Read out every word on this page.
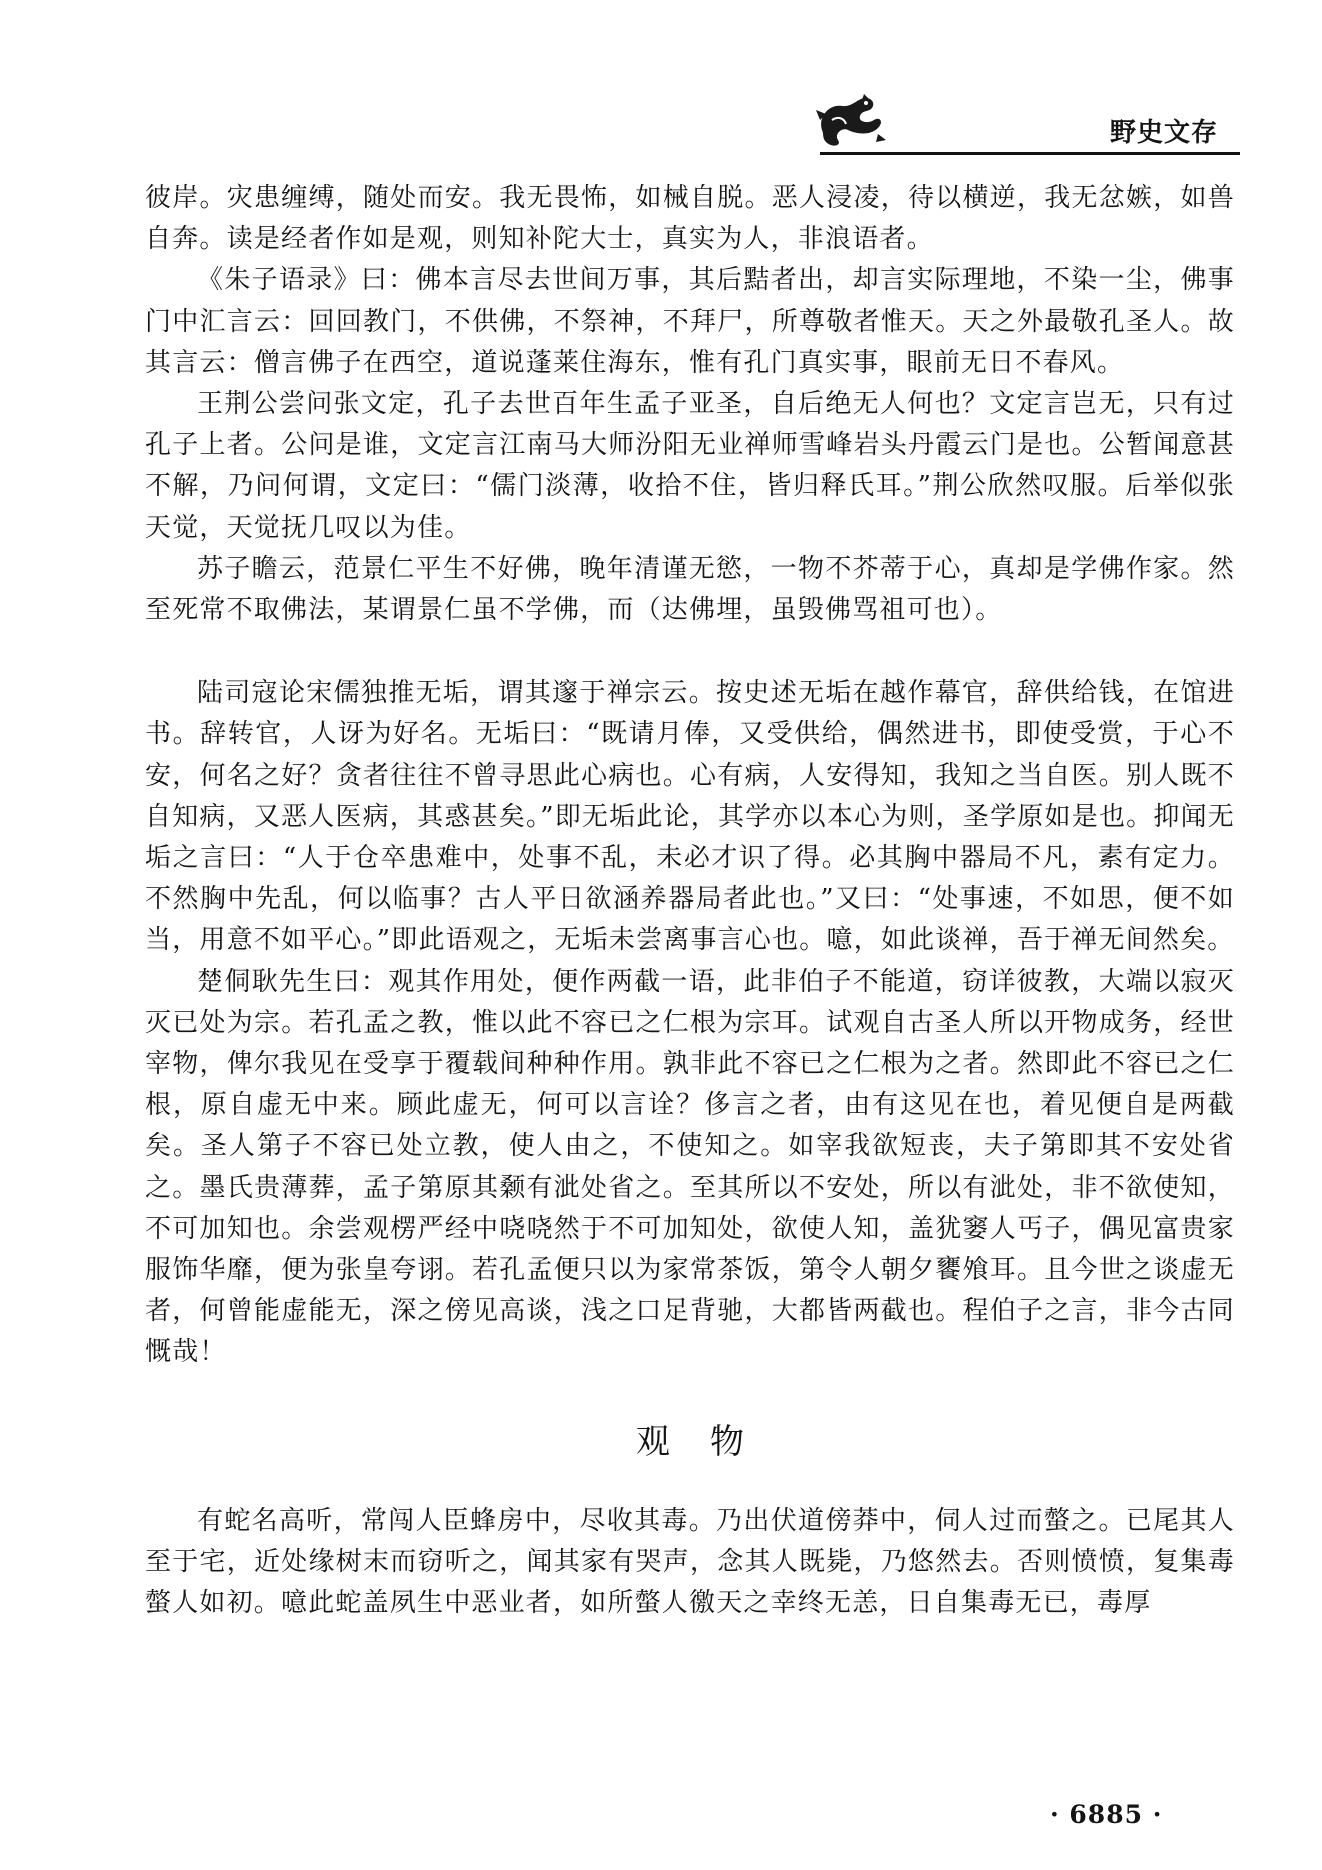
野史文存

彼岸。灾患缠缚，随处而安。我无畏怖，如械自脱。恶人浸凌，待以横逆，我无忿嫉，如兽自奔。读是经者作如是观，则知补陀大士，真实为人，非浪语者。

《朱子语录》曰：佛本言尽去世间万事，其后黠者出，却言实际理地，不染一尘，佛事门中汇言云：回回教门，不供佛，不祭神，不拜尸，所尊敬者惟天。天之外最敬孔圣人。故其言云：僧言佛子在西空，道说蓬莱住海东，惟有孔门真实事，眼前无日不春风。

王荆公尝问张文定，孔子去世百年生孟子亚圣，自后绝无人何也？文定言岂无，只有过孔子上者。公问是谁，文定言江南马大师汾阳无业禅师雪峰岩头丹霞云门是也。公暂闻意甚不解，乃问何谓，文定曰：“儒门淡薄，收拾不住，皆归释氏耳。”荆公欣然叹服。后举似张天觉，天觉抚几叹以为佳。

苏子瞻云，范景仁平生不好佛，晚年清谨无慾，一物不芥蒂于心，真却是学佛作家。然至死常不取佛法，某谓景仁虽不学佛，而（达佛埋，虽毁佛骂祖可也）。

陆司寇论宋儒独推无垢，谓其邃于禅宗云。按史述无垢在越作幕官，辞供给钱，在馆进书。辞转官，人讶为好名。无垢曰：“既请月俸，又受供给，偶然进书，即使受赏，于心不安，何名之好？贪者往往不曾寻思此心病也。心有病，人安得知，我知之当自医。别人既不自知病，又恶人医病，其惑甚矣。”即无垢此论，其学亦以本心为则，圣学原如是也。抑闻无垢之言曰：“人于仓卒患难中，处事不乱，未必才识了得。必其胸中器局不凡，素有定力。不然胸中先乱，何以临事？古人平日欲涵养器局者此也。”又曰：“处事速，不如思，便不如当，用意不如平心。”即此语观之，无垢未尝离事言心也。噫，如此谈禅，吾于禅无间然矣。

楚侗耿先生曰：观其作用处，便作两截一语，此非伯子不能道，窃详彼教，大端以寂灭灭已处为宗。若孔孟之教，惟以此不容已之仁根为宗耳。试观自古圣人所以开物成务，经世宰物，俾尔我见在受享于覆载间种种作用。孰非此不容已之仁根为之者。然即此不容已之仁根，原自虚无中来。顾此虚无，何可以言诠？侈言之者，由有这见在也，着见便自是两截矣。圣人第子不容已处立教，使人由之，不使知之。如宰我欲短丧，夫子第即其不安处省之。墨氏贵薄葬，孟子第原其颡有泚处省之。至其所以不安处，所以有泚处，非不欲使知，不可加知也。余尝观楞严经中哓哓然于不可加知处，欲使人知，盖犹窭人丐子，偶见富贵家服饰华靡，便为张皇夸诩。若孔孟便只以为家常茶饭，第令人朝夕饔飧耳。且今世之谈虚无者，何曾能虚能无，深之傍见高谈，浅之口足背驰，大都皆两截也。程伯子之言，非今古同慨哉！

观物

有蛇名高听，常闯人臣蜂房中，尽收其毒。乃出伏道傍莽中，伺人过而螫之。已尾其人至于宅，近处缘树末而窃听之，闻其家有哭声，念其人既毙，乃悠然去。否则愤愤，复集毒螫人如初。噫此蛇盖夙生中恶业者，如所螫人徼天之幸终无恙，日自集毒无已，毒厚

· 6885 ·
